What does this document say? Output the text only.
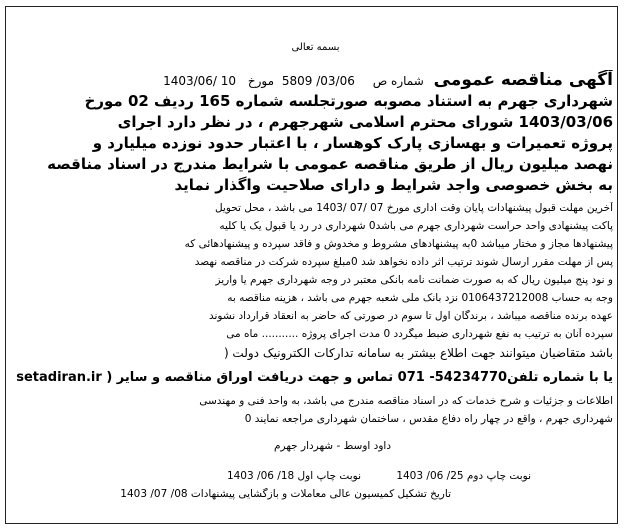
بسمه تعالی
آگهی مناقصه عمومی شماره ص 5809 /03/06 مورخ 1403/06/ 10
شهرداری جهرم به استناد مصوبه صورتجلسه شماره 165 ردیف 02 مورخ
1403/03/06 شورای محترم اسلامی شهرجهرم ، در نظر دارد اجرای
پروژه تعمیرات و بهسازی پارک کوهسار ، با اعتبار حدود نوزده میلیارد و
نهصد میلیون ریال از طریق مناقصه عمومی با شرایط مندرج در اسناد مناقصه
به بخش خصوصی واجد شرایط و دارای صلاحیت واگذار نماید
آخرین مهلت قبول پیشنهادات پایان وقت اداری مورخ 07 /07 /1403 می باشد ، محل تحویل
پاکت پیشنهادی واحد حراست شهرداری جهرم می باشد0 شهرداری در رد یا قبول یک یا کلیه
پیشنهادها مجاز و مختار میباشد 0به پیشنهادهای مشروط و مخدوش و فاقد سپرده و پیشنهادهائی که
پس از مهلت مقرر ارسال شوند ترتیب اثر داده نخواهد شد 0مبلغ سپرده شرکت در مناقصه نهصد
و نود پنج میلیون ریال که به صورت ضمانت نامه بانکی معتبر در وجه شهرداری جهرم یا واریز
وجه به حساب 0106437212008 نزد بانک ملی شعبه جهرم می باشد ، هزینه مناقصه به
عهده برنده مناقصه میباشد ، برندگان اول تا سوم در صورتی که حاضر به انعقاد قرارداد نشوند
سپرده آنان به ترتیب به نفع شهرداری ضبط میگردد 0 مدت اجرای پروژه ........... ماه می
باشد متقاضیان میتوانند جهت اطلاع بیشتر به سامانه تدارکات الکترونیک دولت (
setadiran.ir ) یا با شماره تلفن54234770- 071 تماس و جهت دریافت اوراق مناقصه و سایر
اطلاعات و جزئیات و شرح خدمات که در اسناد مناقصه مندرج می باشد، به واحد فنی و مهندسی
شهرداری جهرم ، واقع در چهار راه دفاع مقدس ، ساختمان شهرداری مراجعه نمایند 0
داود اوسط - شهردار جهرم
نوبت چاپ اول 18/ 06/ 1403	نوبت چاپ دوم 25/ 06/ 1403
تاریخ تشکیل کمیسیون عالی معاملات و بازگشایی پیشنهادات 08/ 07/ 1403
